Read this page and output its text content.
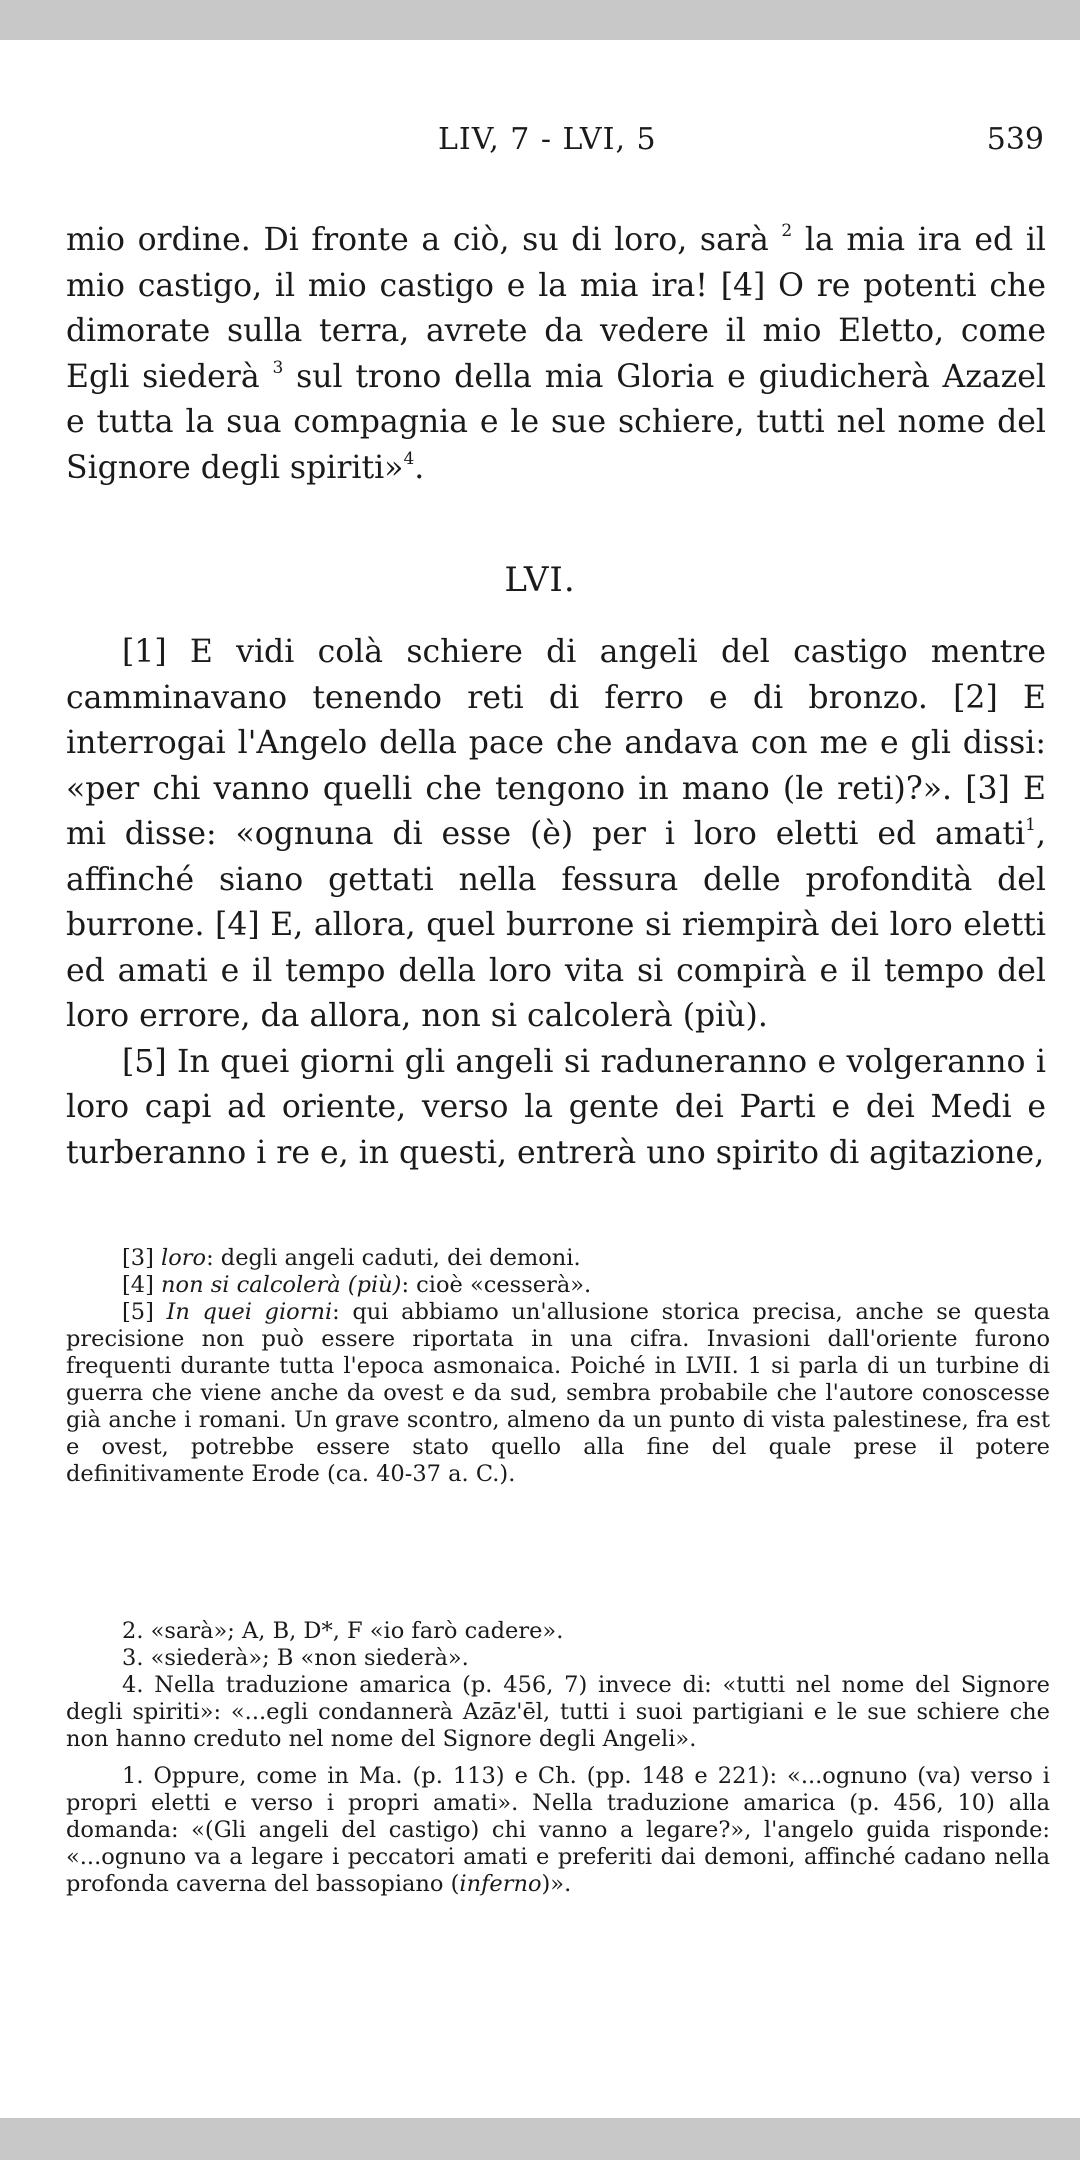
LIV, 7 - LVI, 5	539

mio ordine. Di fronte a ciò, su di loro, sarà $^2$ la mia ira ed il mio castigo, il mio castigo e la mia ira! [4] O re potenti che dimorate sulla terra, avrete da vedere il mio Eletto, come Egli siederà $^3$ sul trono della mia Gloria e giudicherà Azazel e tutta la sua compagnia e le sue schiere, tutti nel nome del Signore degli spiriti»$^4$.

LVI.

[1] E vidi colà schiere di angeli del castigo mentre camminavano tenendo reti di ferro e di bronzo. [2] E interrogai l'Angelo della pace che andava con me e gli dissi: «per chi vanno quelli che tengono in mano (le reti)?». [3] E mi disse: «ognuna di esse (è) per i loro eletti ed amati$^1$, affinché siano gettati nella fessura delle profondità del burrone. [4] E, allora, quel burrone si riempirà dei loro eletti ed amati e il tempo della loro vita si compirà e il tempo del loro errore, da allora, non si calcolerà (più).

[5] In quei giorni gli angeli si raduneranno e volgeranno i loro capi ad oriente, verso la gente dei Parti e dei Medi e turberanno i re e, in questi, entrerà uno spirito di agitazione,

[3] loro: degli angeli caduti, dei demoni.

[4] non si calcolerà (più): cioè «cesserà».

[5] In quei giorni: qui abbiamo un'allusione storica precisa, anche se questa precisione non può essere riportata in una cifra. Invasioni dall'oriente furono frequenti durante tutta l'epoca asmonaica. Poiché in LVII. 1 si parla di un turbine di guerra che viene anche da ovest e da sud, sembra probabile che l'autore conoscesse già anche i romani. Un grave scontro, almeno da un punto di vista palestinese, fra est e ovest, potrebbe essere stato quello alla fine del quale prese il potere definitivamente Erode (ca. 40-37 a. C.).

2. «sarà»; A, B, D*, F «io farò cadere».

3. «siederà»; B «non siederà».

4. Nella traduzione amarica (p. 456, 7) invece di: «tutti nel nome del Signore degli spiriti»: «...egli condannerà Azāz'ēl, tutti i suoi partigiani e le sue schiere che non hanno creduto nel nome del Signore degli Angeli».

1. Oppure, come in Ma. (p. 113) e Ch. (pp. 148 e 221): «...ognuno (va) verso i propri eletti e verso i propri amati». Nella traduzione amarica (p. 456, 10) alla domanda: «(Gli angeli del castigo) chi vanno a legare?», l'angelo guida risponde: «...ognuno va a legare i peccatori amati e preferiti dai demoni, affinché cadano nella profonda caverna del bassopiano (inferno)».
